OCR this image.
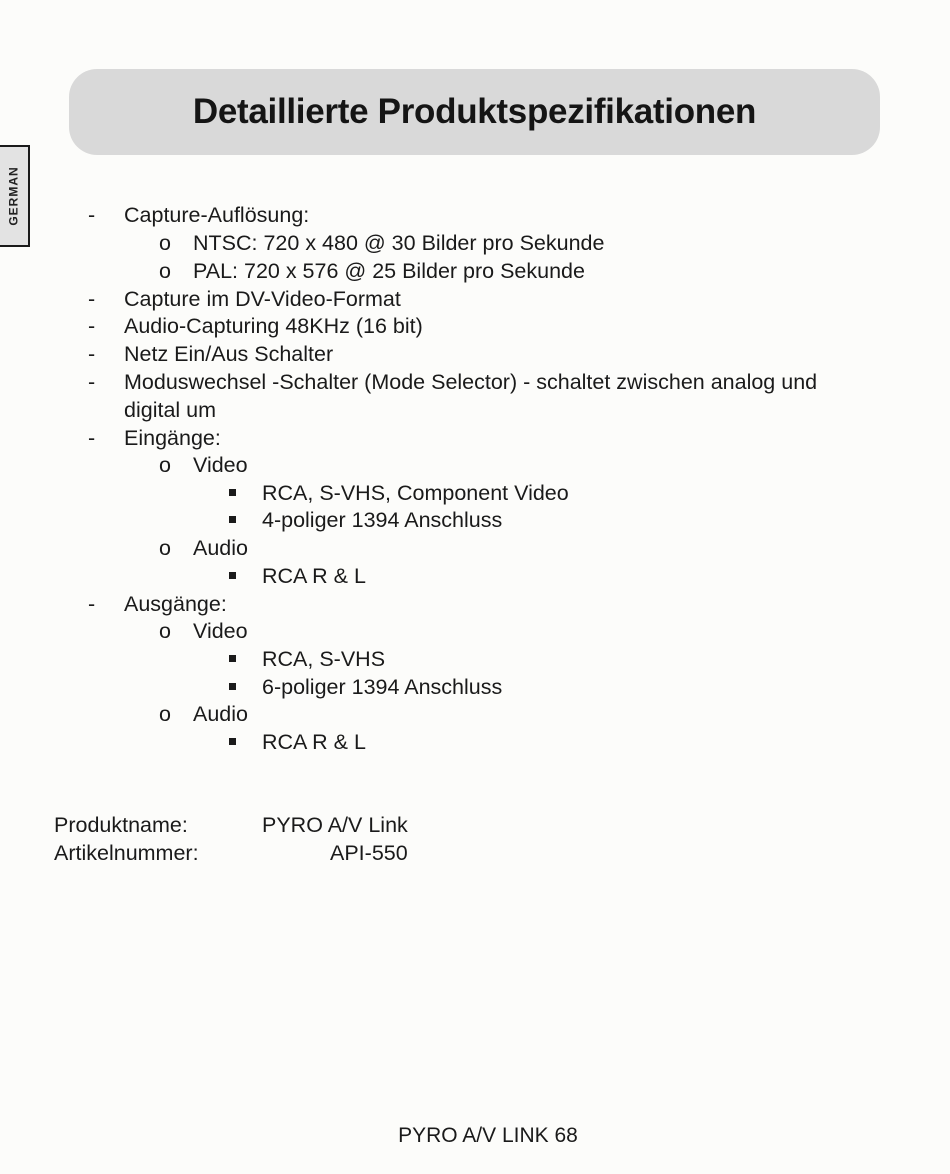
Detaillierte Produktspezifikationen
GERMAN	- Capture-Auflösung:
o NTSC: 720 x 480 @ 30 Bilder pro Sekunde
o PAL: 720 x 576 @ 25 Bilder pro Sekunde
- Capture im DV-Video-Format
- Audio-Capturing 48KHz (16 bit)
- Netz Ein/Aus Schalter
- Moduswechsel -Schalter (Mode Selector) - schaltet zwischen analog und
digital um
- Eingänge:
o Video
RCA, S-VHS, Component Video
4-poliger 1394 Anschluss
o Audio
RCA R & L
- Ausgänge:
o Video
RCA, S-VHS
6-poliger 1394 Anschluss
o Audio
RCA R & L
Produktname:	PYRO A/V Link
Artikelnummer:	API-550
PYRO A/V LINK 68
